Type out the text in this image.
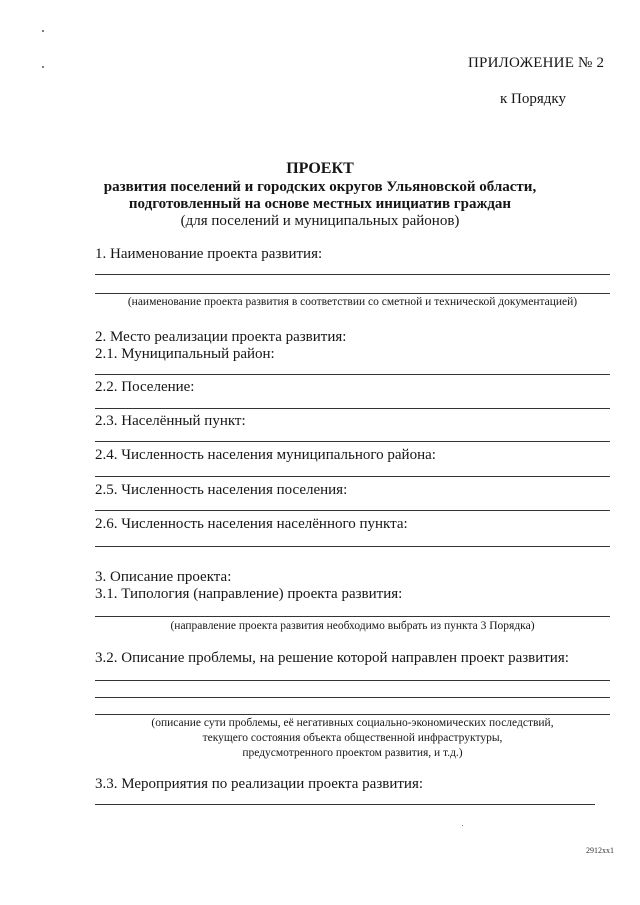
ПРИЛОЖЕНИЕ № 2
к Порядку
ПРОЕКТ
развития поселений и городских округов Ульяновской области,
подготовленный на основе местных инициатив граждан
(для поселений и муниципальных районов)
1. Наименование проекта развития:
(наименование проекта развития в соответствии со сметной и технической документацией)
2. Место реализации проекта развития:
2.1. Муниципальный район:
2.2. Поселение:
2.3. Населённый пункт:
2.4. Численность населения муниципального района:
2.5. Численность населения поселения:
2.6. Численность населения населённого пункта:
3. Описание проекта:
3.1. Типология (направление) проекта развития:
(направление проекта развития необходимо выбрать из пункта 3 Порядка)
3.2. Описание проблемы, на решение которой направлен проект развития:
(описание сути проблемы, её негативных социально-экономических последствий,
текущего состояния объекта общественной инфраструктуры,
предусмотренного проектом развития, и т.д.)
3.3. Мероприятия по реализации проекта развития:
2912хх1
